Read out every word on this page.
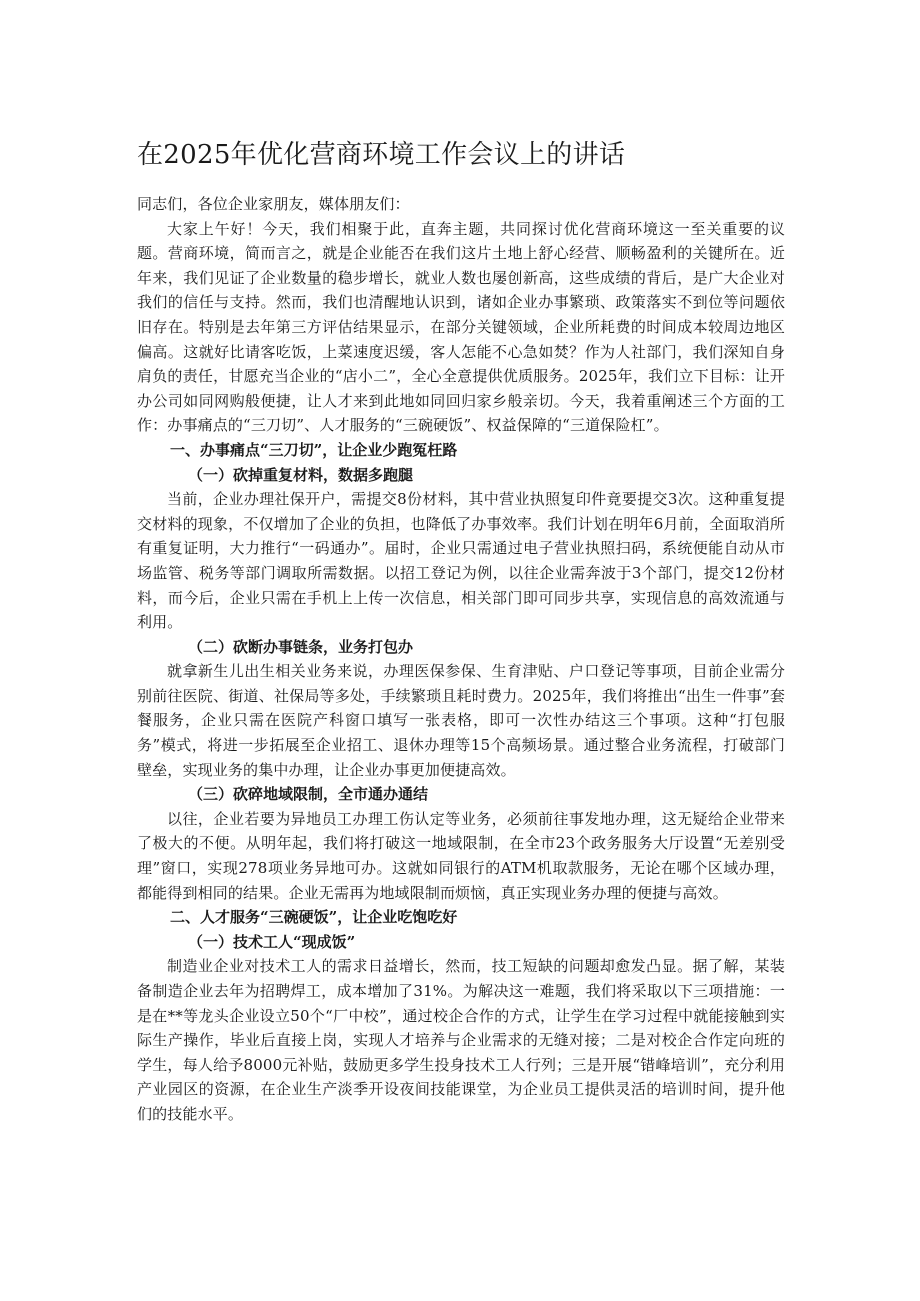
在2025年优化营商环境工作会议上的讲话

同志们，各位企业家朋友，媒体朋友们：

大家上午好！今天，我们相聚于此，直奔主题，共同探讨优化营商环境这一至关重要的议题。营商环境，简而言之，就是企业能否在我们这片土地上舒心经营、顺畅盈利的关键所在。近年来，我们见证了企业数量的稳步增长，就业人数也屡创新高，这些成绩的背后，是广大企业对我们的信任与支持。然而，我们也清醒地认识到，诸如企业办事繁琐、政策落实不到位等问题依旧存在。特别是去年第三方评估结果显示，在部分关键领域，企业所耗费的时间成本较周边地区偏高。这就好比请客吃饭，上菜速度迟缓，客人怎能不心急如焚？作为人社部门，我们深知自身肩负的责任，甘愿充当企业的“店小二”，全心全意提供优质服务。2025年，我们立下目标：让开办公司如同网购般便捷，让人才来到此地如同回归家乡般亲切。今天，我着重阐述三个方面的工作：办事痛点的“三刀切”、人才服务的“三碗硬饭”、权益保障的“三道保险杠”。

一、办事痛点“三刀切”，让企业少跑冤枉路

（一）砍掉重复材料，数据多跑腿

当前，企业办理社保开户，需提交8份材料，其中营业执照复印件竟要提交3次。这种重复提交材料的现象，不仅增加了企业的负担，也降低了办事效率。我们计划在明年6月前，全面取消所有重复证明，大力推行“一码通办”。届时，企业只需通过电子营业执照扫码，系统便能自动从市场监管、税务等部门调取所需数据。以招工登记为例，以往企业需奔波于3个部门，提交12份材料，而今后，企业只需在手机上上传一次信息，相关部门即可同步共享，实现信息的高效流通与利用。

（二）砍断办事链条，业务打包办

就拿新生儿出生相关业务来说，办理医保参保、生育津贴、户口登记等事项，目前企业需分别前往医院、街道、社保局等多处，手续繁琐且耗时费力。2025年，我们将推出“出生一件事”套餐服务，企业只需在医院产科窗口填写一张表格，即可一次性办结这三个事项。这种“打包服务”模式，将进一步拓展至企业招工、退休办理等15个高频场景。通过整合业务流程，打破部门壁垒，实现业务的集中办理，让企业办事更加便捷高效。

（三）砍碎地域限制，全市通办通结

以往，企业若要为异地员工办理工伤认定等业务，必须前往事发地办理，这无疑给企业带来了极大的不便。从明年起，我们将打破这一地域限制，在全市23个政务服务大厅设置“无差别受理”窗口，实现278项业务异地可办。这就如同银行的ATM机取款服务，无论在哪个区域办理，都能得到相同的结果。企业无需再为地域限制而烦恼，真正实现业务办理的便捷与高效。

二、人才服务“三碗硬饭”，让企业吃饱吃好

（一）技术工人“现成饭”

制造业企业对技术工人的需求日益增长，然而，技工短缺的问题却愈发凸显。据了解，某装备制造企业去年为招聘焊工，成本增加了31%。为解决这一难题，我们将采取以下三项措施：一是在**等龙头企业设立50个“厂中校”，通过校企合作的方式，让学生在学习过程中就能接触到实际生产操作，毕业后直接上岗，实现人才培养与企业需求的无缝对接；二是对校企合作定向班的学生，每人给予8000元补贴，鼓励更多学生投身技术工人行列；三是开展“错峰培训”，充分利用产业园区的资源，在企业生产淡季开设夜间技能课堂，为企业员工提供灵活的培训时间，提升他们的技能水平。
